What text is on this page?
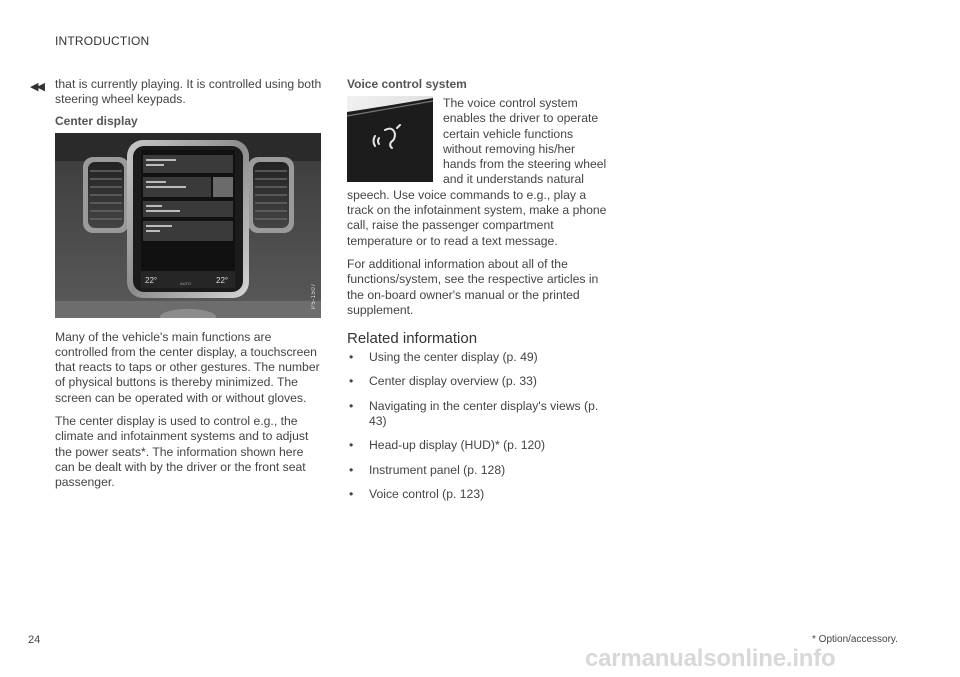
INTRODUCTION
◀◀ that is currently playing. It is controlled using both steering wheel keypads.

Center display
22°	AUTO	22°
P5-1507

Many of the vehicle's main functions are controlled from the center display, a touchscreen that reacts to taps or other gestures. The number of physical buttons is thereby minimized. The screen can be operated with or without gloves.

The center display is used to control e.g., the climate and infotainment systems and to adjust the power seats*. The information shown here can be dealt with by the driver or the front seat passenger.

Voice control system

The voice control system enables the driver to operate certain vehicle functions without removing his/her hands from the steering wheel and it understands natural speech. Use voice commands to e.g., play a track on the infotainment system, make a phone call, raise the passenger compartment temperature or to read a text message.

For additional information about all of the functions/system, see the respective articles in the on-board owner's manual or the printed supplement.

Related information
• Using the center display (p. 49)
• Center display overview (p. 33)
• Navigating in the center display's views (p. 43)
• Head-up display (HUD)* (p. 120)
• Instrument panel (p. 128)
• Voice control (p. 123)
24	* Option/accessory.
carmanualsonline.info
